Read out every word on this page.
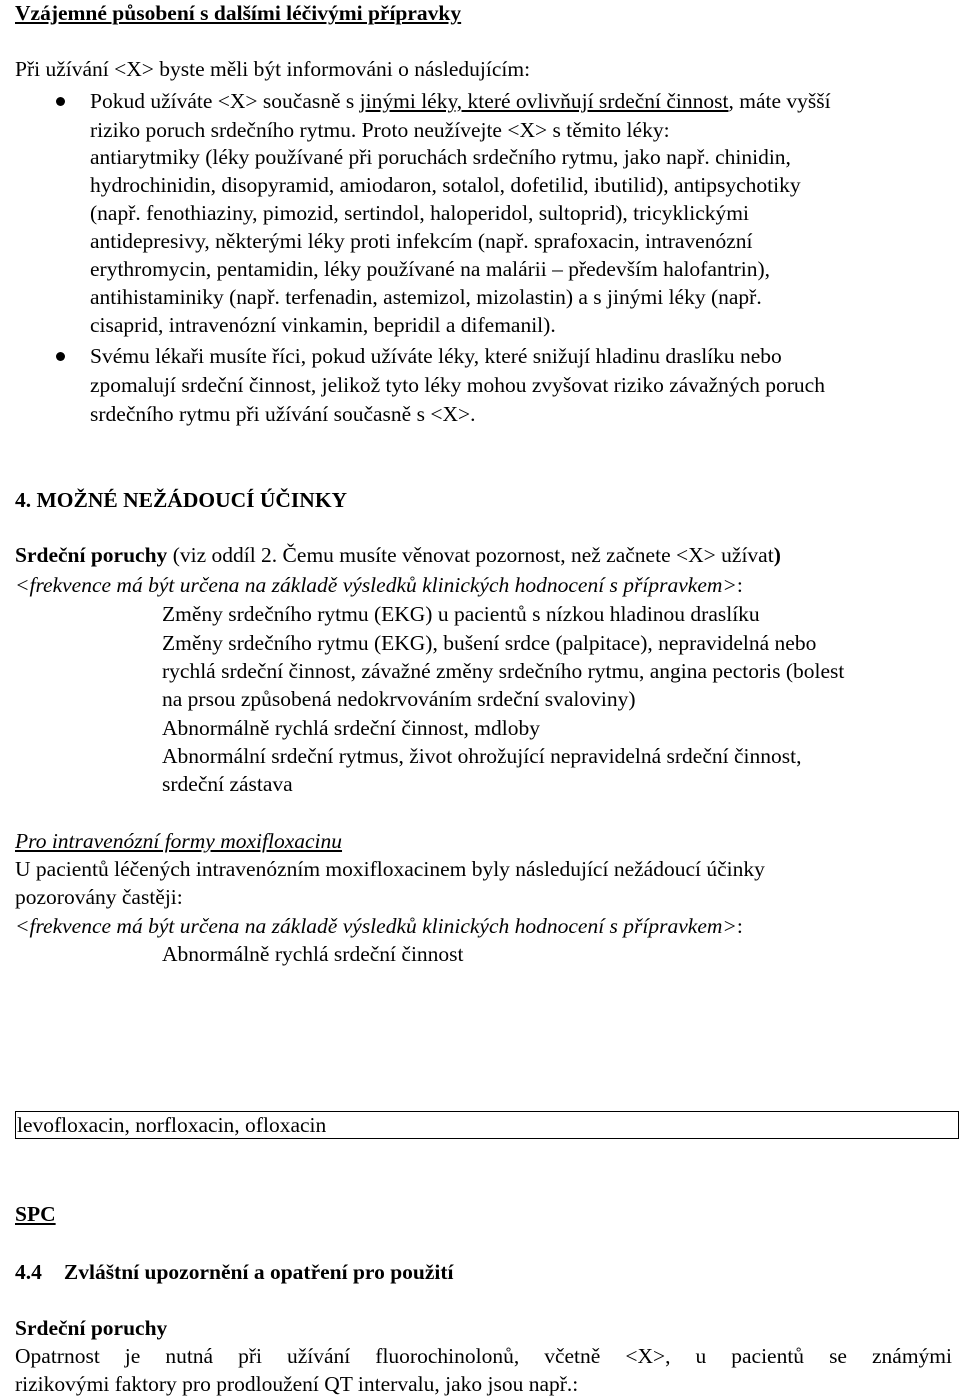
Vzájemné působení s dalšími léčivými přípravky
Při užívání <X> byste měli být informováni o následujícím:
Pokud užíváte <X> současně s jinými léky, které ovlivňují srdeční činnost, máte vyšší
riziko poruch srdečního rytmu. Proto neužívejte <X> s těmito léky:
antiarytmiky (léky používané při poruchách srdečního rytmu, jako např. chinidin,
hydrochinidin, disopyramid, amiodaron, sotalol, dofetilid, ibutilid), antipsychotiky
(např. fenothiaziny, pimozid, sertindol, haloperidol, sultoprid), tricyklickými
antidepresivy, některými léky proti infekcím (např. sprafoxacin, intravenózní
erythromycin, pentamidin, léky používané na malárii – především halofantrin),
antihistaminiky (např. terfenadin, astemizol, mizolastin) a s jinými léky (např.
cisaprid, intravenózní vinkamin, bepridil a difemanil).
Svému lékaři musíte říci, pokud užíváte léky, které snižují hladinu draslíku nebo
zpomalují srdeční činnost, jelikož tyto léky mohou zvyšovat riziko závažných poruch
srdečního rytmu při užívání současně s <X>.
4. MOŽNÉ NEŽÁDOUCÍ ÚČINKY
Srdeční poruchy (viz oddíl 2. Čemu musíte věnovat pozornost, než začnete <X> užívat)
<frekvence má být určena na základě výsledků klinických hodnocení s přípravkem>:
Změny srdečního rytmu (EKG) u pacientů s nízkou hladinou draslíku
Změny srdečního rytmu (EKG), bušení srdce (palpitace), nepravidelná nebo
rychlá srdeční činnost, závažné změny srdečního rytmu, angina pectoris (bolest
na prsou způsobená nedokrvováním srdeční svaloviny)
Abnormálně rychlá srdeční činnost, mdloby
Abnormální srdeční rytmus, život ohrožující nepravidelná srdeční činnost,
srdeční zástava
Pro intravenózní formy moxifloxacinu
U pacientů léčených intravenózním moxifloxacinem byly následující nežádoucí účinky
pozorovány častěji:
<frekvence má být určena na základě výsledků klinických hodnocení s přípravkem>:
Abnormálně rychlá srdeční činnost
levofloxacin, norfloxacin, ofloxacin
SPC
4.4 Zvláštní upozornění a opatření pro použití
Srdeční poruchy
Opatrnost je nutná při užívání fluorochinolonů, včetně <X>, u pacientů se známými
rizikovými faktory pro prodloužení QT intervalu, jako jsou např.:
